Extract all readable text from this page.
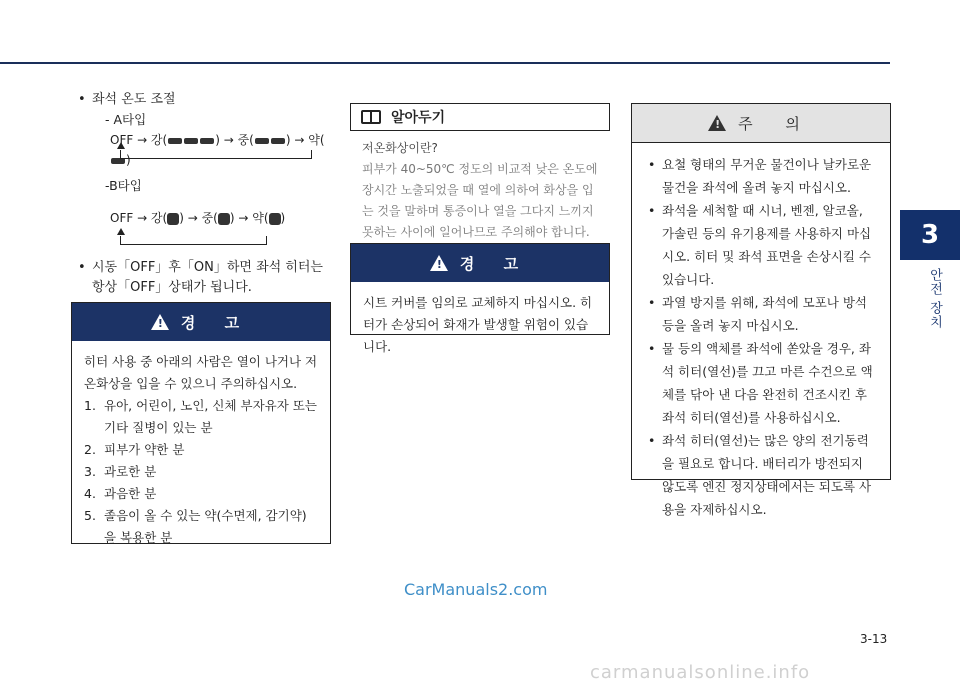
3
안전 장치
• 좌석 온도 조절
- A타입
OFF → 강(	) → 중(	) → 약()
-B타입
OFF → 강( ) → 중( ) → 약( )
• 시동「OFF」후「ON」하면 좌석 히터는 항상「OFF」상태가 됩니다.
! 경 고
히터 사용 중 아래의 사람은 열이 나거나 저온화상을 입을 수 있으니 주의하십시오.
1. 유아, 어린이, 노인, 신체 부자유자 또는 기타 질병이 있는 분
2. 피부가 약한 분
3. 과로한 분
4. 과음한 분
5. 졸음이 올 수 있는 약(수면제, 감기약)을 복용한 분
알아두기
저온화상이란?
피부가 40~50℃ 정도의 비교적 낮은 온도에 장시간 노출되었을 때 열에 의하여 화상을 입는 것을 말하며 통증이나 열을 그다지 느끼지 못하는 사이에 일어나므로 주의해야 합니다.
! 경 고
시트 커버를 임의로 교체하지 마십시오. 히터가 손상되어 화재가 발생할 위험이 있습니다.
! 주 의
• 요철 형태의 무거운 물건이나 날카로운 물건을 좌석에 올려 놓지 마십시오.
• 좌석을 세척할 때 시너, 벤젠, 알코올, 가솔린 등의 유기용제를 사용하지 마십시오. 히터 및 좌석 표면을 손상시킬 수 있습니다.
• 과열 방지를 위해, 좌석에 모포나 방석 등을 올려 놓지 마십시오.
• 물 등의 액체를 좌석에 쏟았을 경우, 좌석 히터(열선)를 끄고 마른 수건으로 액체를 닦아 낸 다음 완전히 건조시킨 후 좌석 히터(열선)를 사용하십시오.
• 좌석 히터(열선)는 많은 양의 전기동력을 필요로 합니다. 배터리가 방전되지 않도록 엔진 정지상태에서는 되도록 사용을 자제하십시오.
CarManuals2.com
3-13
carmanualsonline.info
